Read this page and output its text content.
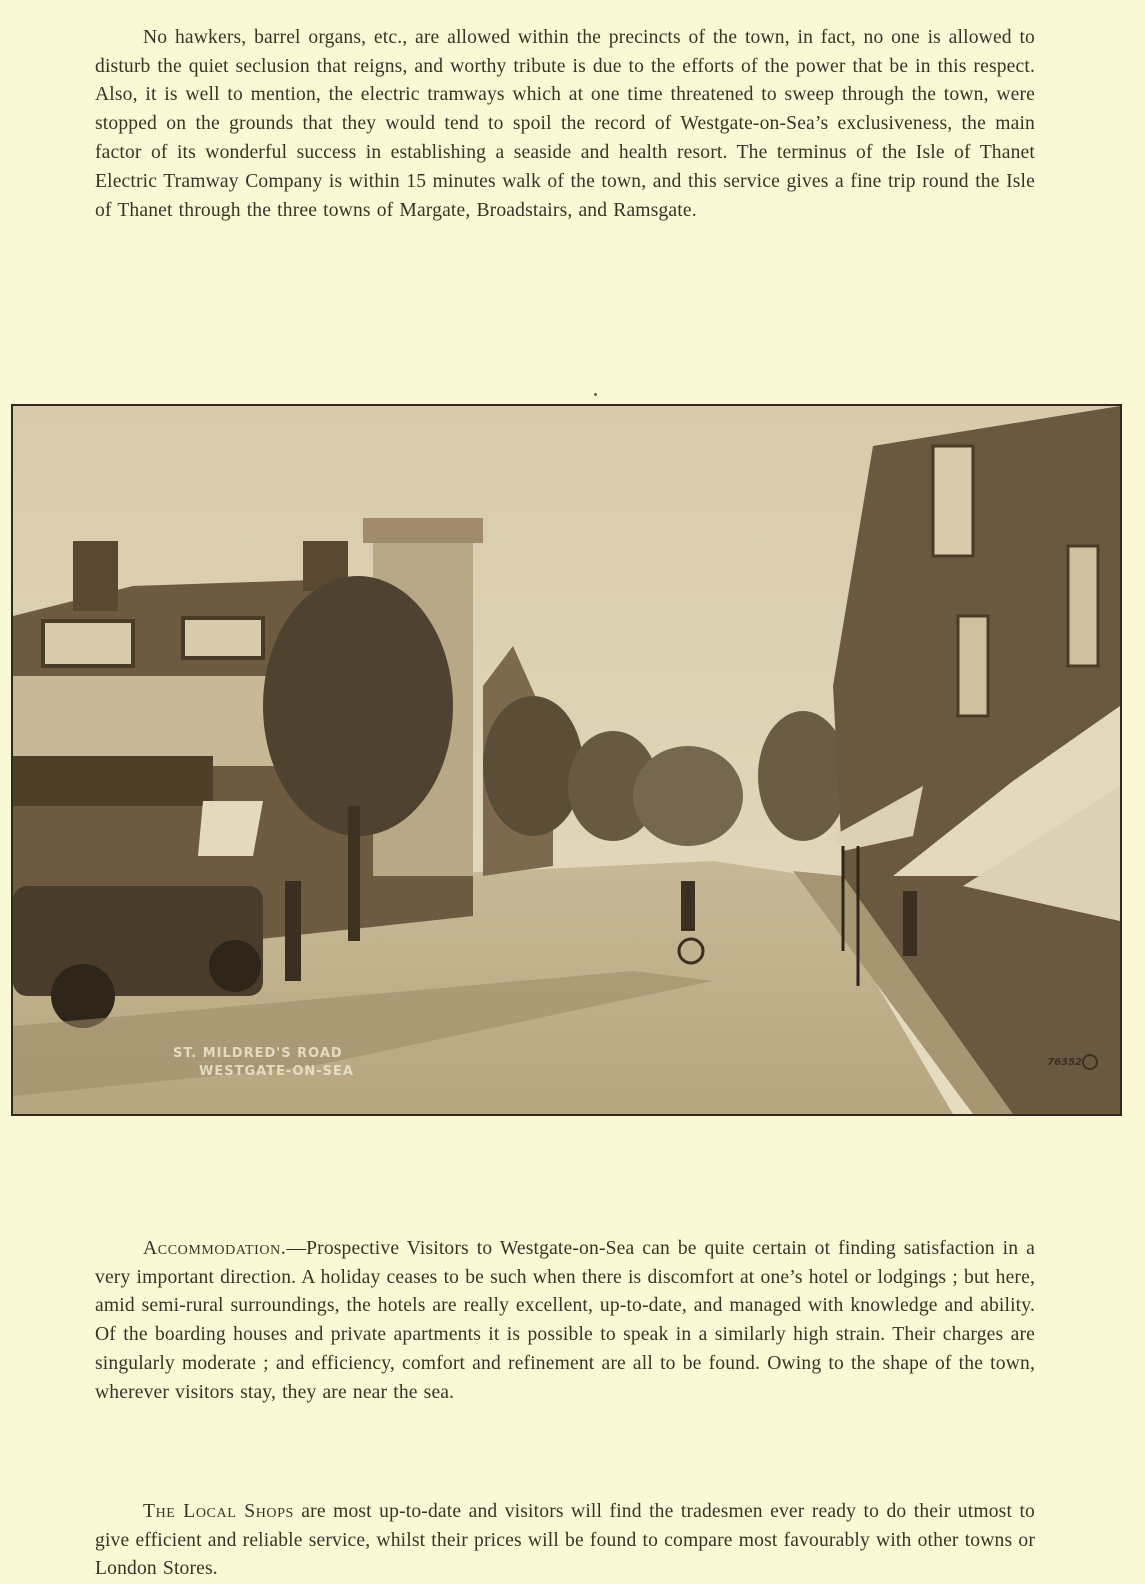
No hawkers, barrel organs, etc., are allowed within the precincts of the town, in fact, no one is allowed to disturb the quiet seclusion that reigns, and worthy tribute is due to the efforts of the power that be in this respect. Also, it is well to mention, the electric tramways which at one time threatened to sweep through the town, were stopped on the grounds that they would tend to spoil the record of Westgate-on-Sea’s exclusiveness, the main factor of its wonderful success in establishing a seaside and health resort. The terminus of the Isle of Thanet Electric Tramway Company is within 15 minutes walk of the town, and this service gives a fine trip round the Isle of Thanet through the three towns of Margate, Broadstairs, and Ramsgate.

ST. MILDRED'S ROAD
WESTGATE-ON-SEA
76352

Accommodation.—Prospective Visitors to Westgate-on-Sea can be quite certain ot finding satisfaction in a very important direction. A holiday ceases to be such when there is discomfort at one’s hotel or lodgings ; but here, amid semi-rural surroundings, the hotels are really excellent, up-to-date, and managed with knowledge and ability. Of the boarding houses and private apartments it is possible to speak in a similarly high strain. Their charges are singularly moderate ; and efficiency, comfort and refinement are all to be found. Owing to the shape of the town, wherever visitors stay, they are near the sea.

The Local Shops are most up-to-date and visitors will find the tradesmen ever ready to do their utmost to give efficient and reliable service, whilst their prices will be found to compare most favourably with other towns or London Stores.
